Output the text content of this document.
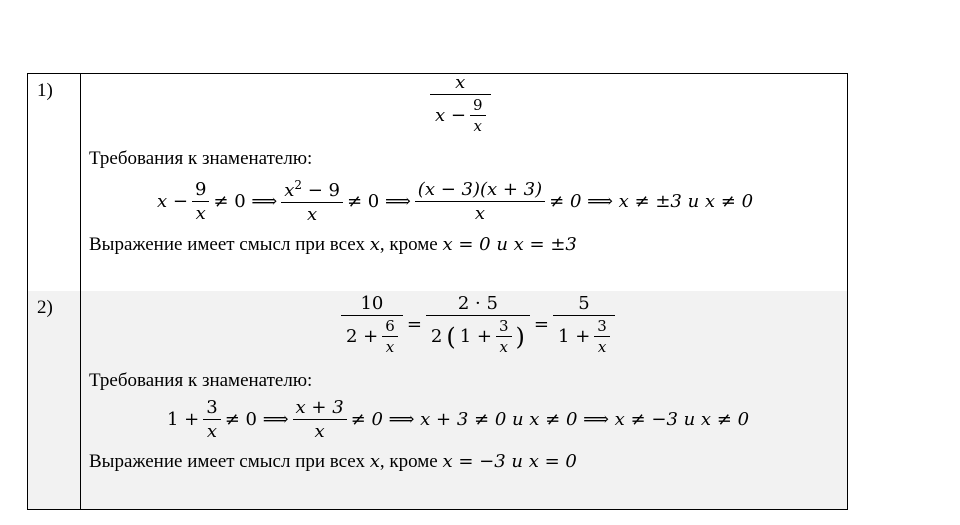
1)	$\frac{x}{x - \frac{9}{x}}$
Требования к знаменателю:
$x - \frac{9}{x} \ne 0$ ⟹ $\frac{x^2 - 9}{x} \ne 0$ ⟹ $\frac{(x - 3)(x + 3)}{x} \ne 0$ ⟹ x ≠ ±3 и x ≠ 0
Выражение имеет смысл при всех x, кроме x = 0 и x = ±3
2)	$\frac{10}{2 + \frac{6}{x}}$ =
2 · 5
2 ( $1 + \frac{3}{x}$ ) = $\frac{5}{1 + \frac{3}{x}}$
Требования к знаменателю:
$1 + \frac{3}{x} \ne 0$ ⟹ $\frac{x + 3}{x} \ne 0$ ⟹ x + 3 ≠ 0 и x ≠ 0 ⟹ x ≠ −3 и x ≠ 0
Выражение имеет смысл при всех x, кроме x = −3 и x = 0
